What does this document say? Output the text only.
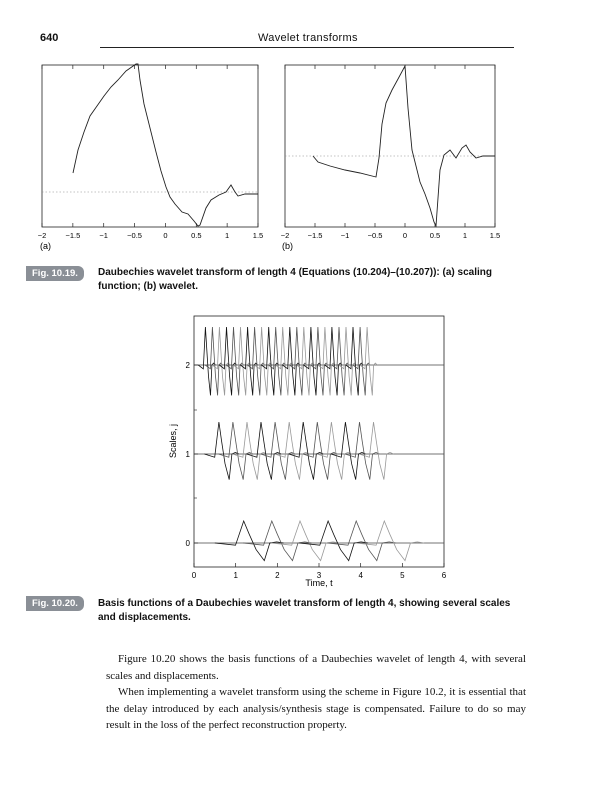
640	Wavelet transforms
−2	−1.5	−1	−0.5	0	0.5	1	1.5 −2 −1.5 −1 −0.5	0	0.5	1	1.5
(a)	(b)
Fig. 10.19.	Daubechies wavelet transform of length 4 (Equations (10.204)–(10.207)): (a) scaling function; (b) wavelet.
0	1	2	3	4	5	6
0
1
2
Time, t
Scales, j
Fig. 10.20.	Basis functions of a Daubechies wavelet transform of length 4, showing several scales and displacements.

Figure 10.20 shows the basis functions of a Daubechies wavelet of length 4, with several scales and displacements.

When implementing a wavelet transform using the scheme in Figure 10.2, it is essential that the delay introduced by each analysis/synthesis stage is compensated. Failure to do so may result in the loss of the perfect reconstruction property.
